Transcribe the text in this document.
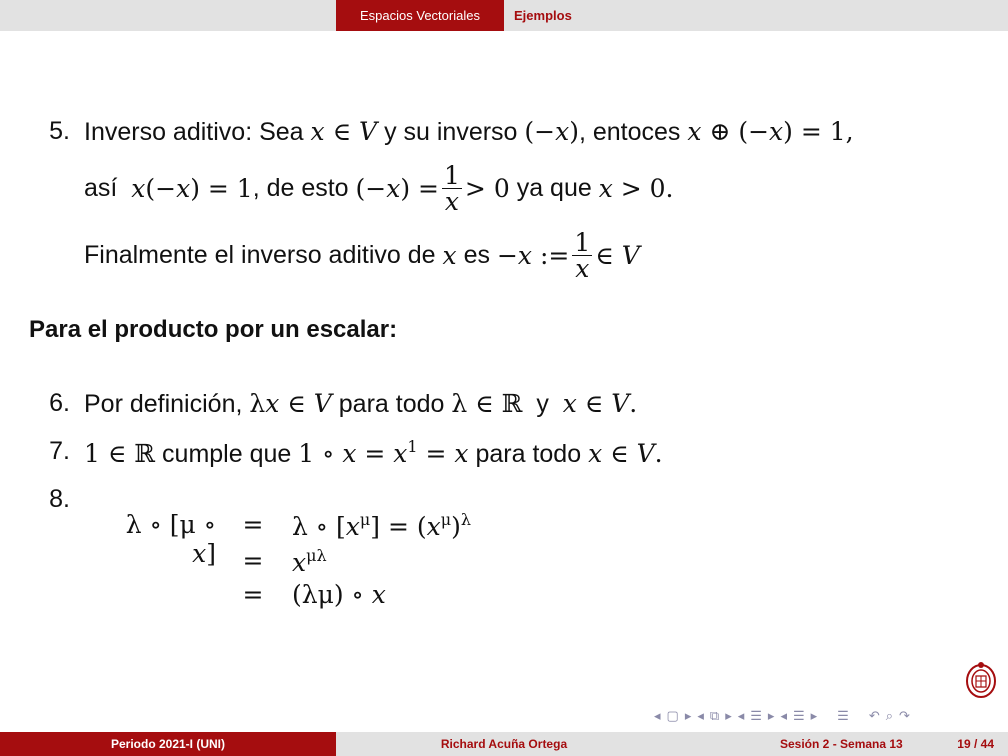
Espacios Vectoriales	Ejemplos
5. Inverso aditivo: Sea x ∈ V y su inverso (−x), entoces x ⊕ (−x) = 1,
así
x(−x) = 1 , de esto
$(-x) = \frac{1}{x} > 0$
ya que
x > 0.
Finalmente el inverso aditivo de
x
es
−x := $\frac{1}{x}$ ∈ V
Para el producto por un escalar:
6. Por definición, λx ∈ V para todo λ ∈ ℝ y x ∈ V.
7. 1 ∈ ℝ cumple que 1 ∘ $x = x^1 = x$ para todo x ∈ V.
8.
λ ∘ [μ ∘ x]
= λ ∘ $[x^\mu] = (x^\mu)^\lambda$
= $x^{\mu\lambda}$
= (λμ) ∘ x
◂ ▢ ▸ ◂ ⧉ ▸ ◂ ☰ ▸ ◂ ☰ ▸ ☰ ↶ ⌕ ↷
Periodo 2021-I (UNI)	Richard Acuña Ortega	Sesión 2 - Semana 13	19 / 44
